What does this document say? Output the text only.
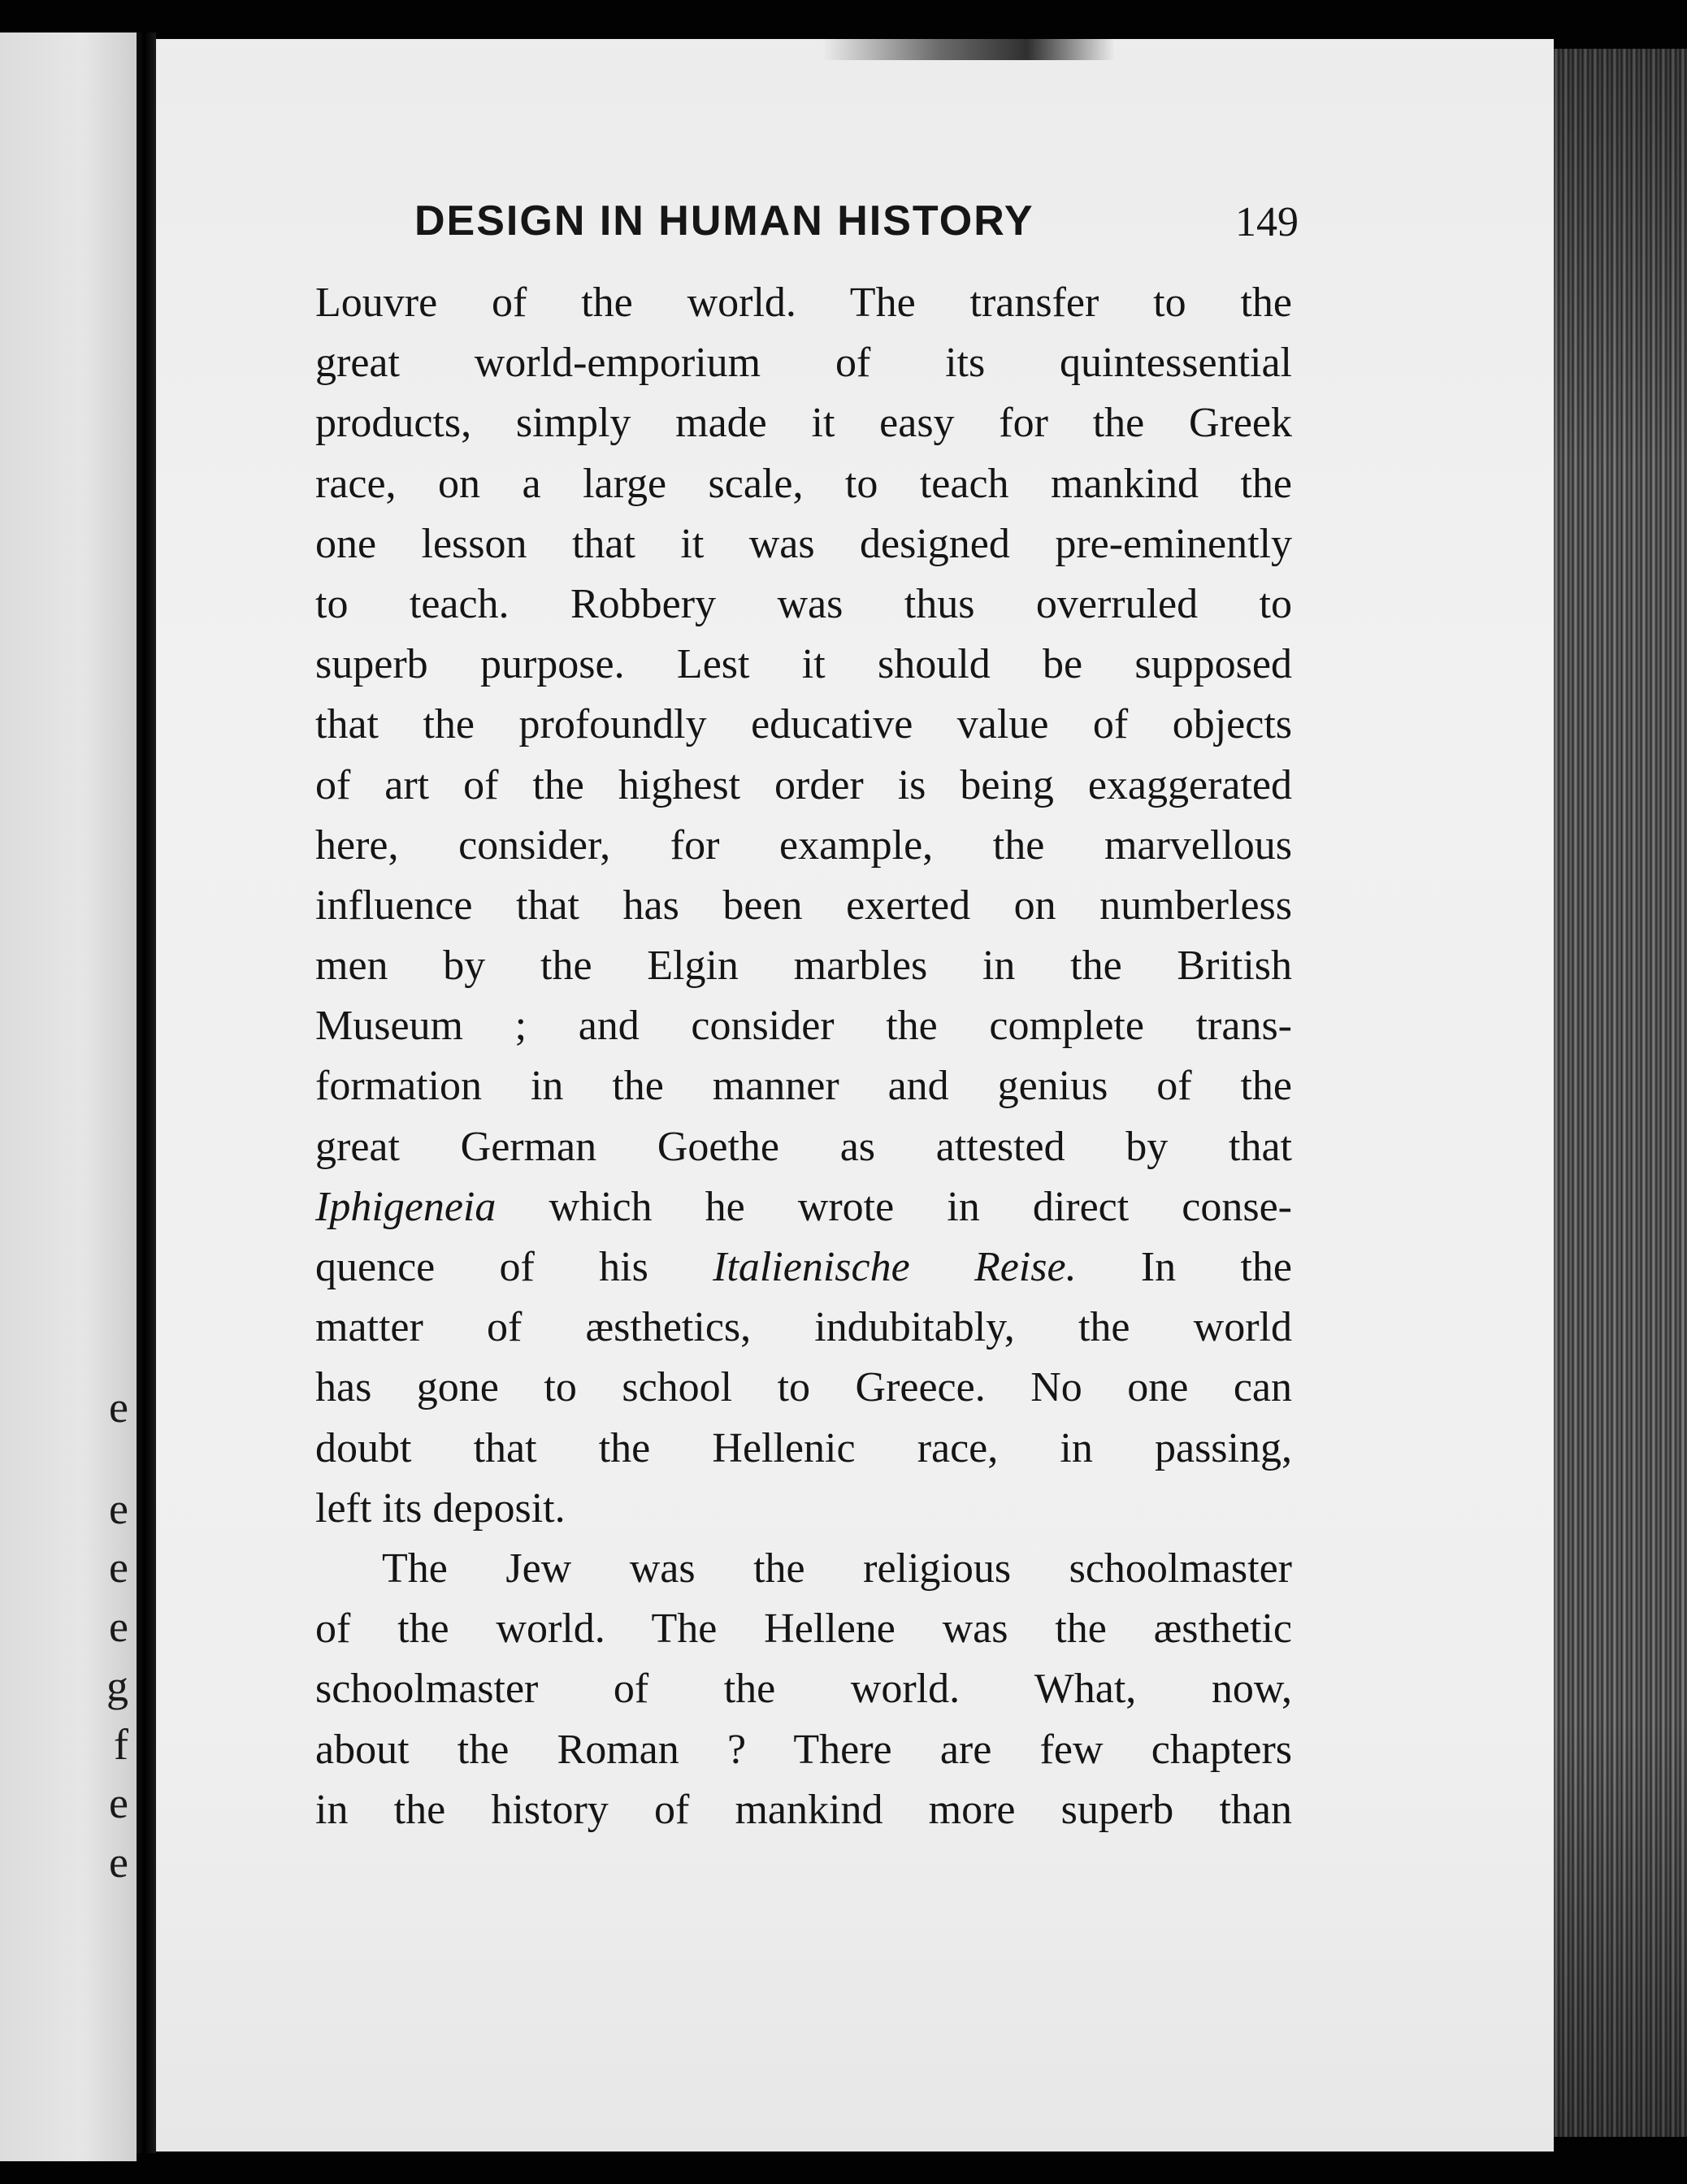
e
e
e
e
g
f
e
e
DESIGN IN HUMAN HISTORY	149
Louvre of the world. The transfer to the
great world-emporium of its quintessential
products, simply made it easy for the Greek
race, on a large scale, to teach mankind the
one lesson that it was designed pre-eminently
to teach. Robbery was thus overruled to
superb purpose. Lest it should be supposed
that the profoundly educative value of objects
of art of the highest order is being exaggerated
here, consider, for example, the marvellous
influence that has been exerted on numberless
men by the Elgin marbles in the British
Museum ; and consider the complete trans-
formation in the manner and genius of the
great German Goethe as attested by that
Iphigeneia which he wrote in direct conse-
quence of his Italienische Reise. In the
matter of æsthetics, indubitably, the world
has gone to school to Greece. No one can
doubt that the Hellenic race, in passing,
left its deposit.
The Jew was the religious schoolmaster
of the world. The Hellene was the æsthetic
schoolmaster of the world. What, now,
about the Roman ? There are few chapters
in the history of mankind more superb than
